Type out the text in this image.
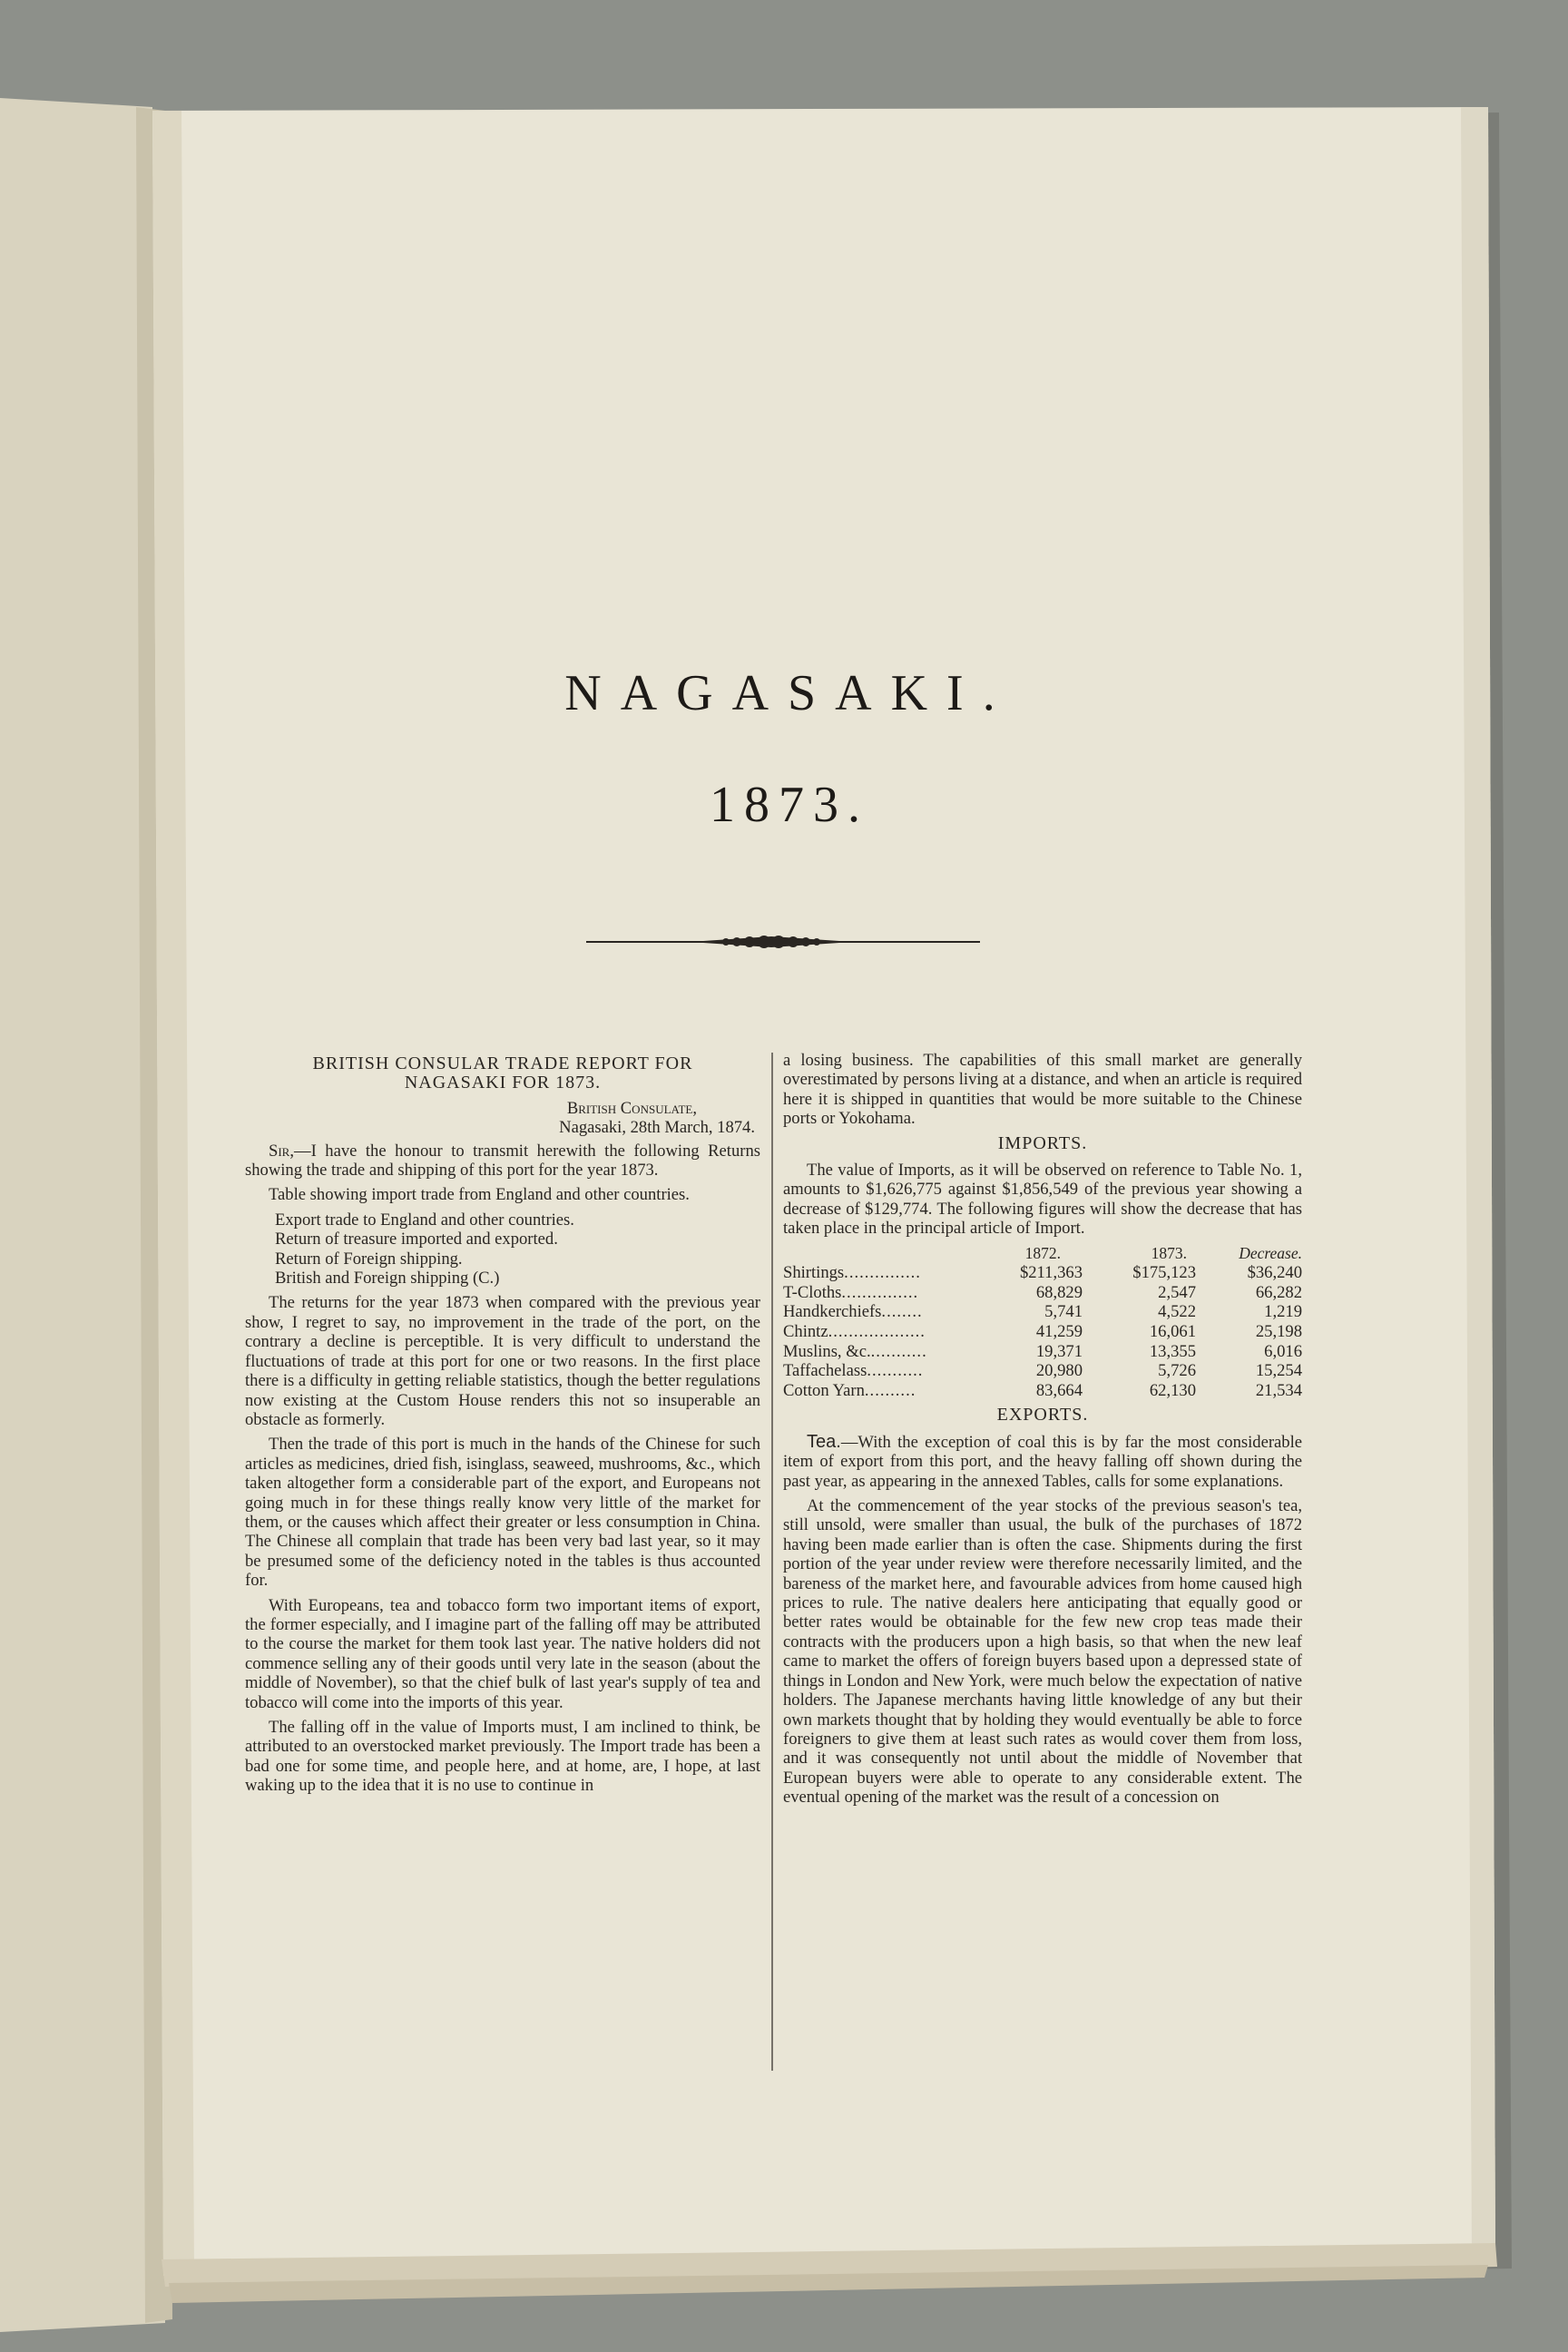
NAGASAKI.
1873.
BRITISH CONSULAR TRADE REPORT FOR
NAGASAKI FOR 1873.
British Consulate,
Nagasaki, 28th March, 1874.

Sir,—I have the honour to transmit herewith the following Returns showing the trade and shipping of this port for the year 1873.

Table showing import trade from England and other countries.

Export trade to England and other countries.
Return of treasure imported and exported.
Return of Foreign shipping.
British and Foreign shipping (C.)

The returns for the year 1873 when compared with the previous year show, I regret to say, no improvement in the trade of the port, on the contrary a decline is perceptible. It is very difficult to understand the fluctuations of trade at this port for one or two reasons. In the first place there is a difficulty in getting reliable statistics, though the better regulations now existing at the Custom House renders this not so insuperable an obstacle as formerly.

Then the trade of this port is much in the hands of the Chinese for such articles as medicines, dried fish, isinglass, seaweed, mushrooms, &c., which taken altogether form a considerable part of the export, and Europeans not going much in for these things really know very little of the market for them, or the causes which affect their greater or less consumption in China. The Chinese all complain that trade has been very bad last year, so it may be presumed some of the deficiency noted in the tables is thus accounted for.

With Europeans, tea and tobacco form two important items of export, the former especially, and I imagine part of the falling off may be attributed to the course the market for them took last year. The native holders did not commence selling any of their goods until very late in the season (about the middle of November), so that the chief bulk of last year's supply of tea and tobacco will come into the imports of this year.

The falling off in the value of Imports must, I am inclined to think, be attributed to an overstocked market previously. The Import trade has been a bad one for some time, and people here, and at home, are, I hope, at last waking up to the idea that it is no use to continue in

a losing business. The capabilities of this small market are generally overestimated by persons living at a distance, and when an article is required here it is shipped in quantities that would be more suitable to the Chinese ports or Yokohama.

IMPORTS.

The value of Imports, as it will be observed on reference to Table No. 1, amounts to $1,626,775 against $1,856,549 of the previous year showing a decrease of $129,774. The following figures will show the decrease that has taken place in the principal article of Import.

	1872.	1873.	Decrease.
Shirtings...............	$211,363	$175,123	$36,240
T-Cloths...............	68,829	2,547	66,282
Handkerchiefs........	5,741	4,522	1,219
Chintz...................	41,259	16,061	25,198
Muslins, &c............	19,371	13,355	6,016
Taffachelass...........	20,980	5,726	15,254
Cotton Yarn..........	83,664	62,130	21,534
EXPORTS.

Tea.—With the exception of coal this is by far the most considerable item of export from this port, and the heavy falling off shown during the past year, as appearing in the annexed Tables, calls for some explanations.

At the commencement of the year stocks of the previous season's tea, still unsold, were smaller than usual, the bulk of the purchases of 1872 having been made earlier than is often the case. Shipments during the first portion of the year under review were therefore necessarily limited, and the bareness of the market here, and favourable advices from home caused high prices to rule. The native dealers here anticipating that equally good or better rates would be obtainable for the few new crop teas made their contracts with the producers upon a high basis, so that when the new leaf came to market the offers of foreign buyers based upon a depressed state of things in London and New York, were much below the expectation of native holders. The Japanese merchants having little knowledge of any but their own markets thought that by holding they would eventually be able to force foreigners to give them at least such rates as would cover them from loss, and it was consequently not until about the middle of November that European buyers were able to operate to any considerable extent. The eventual opening of the market was the result of a concession on
